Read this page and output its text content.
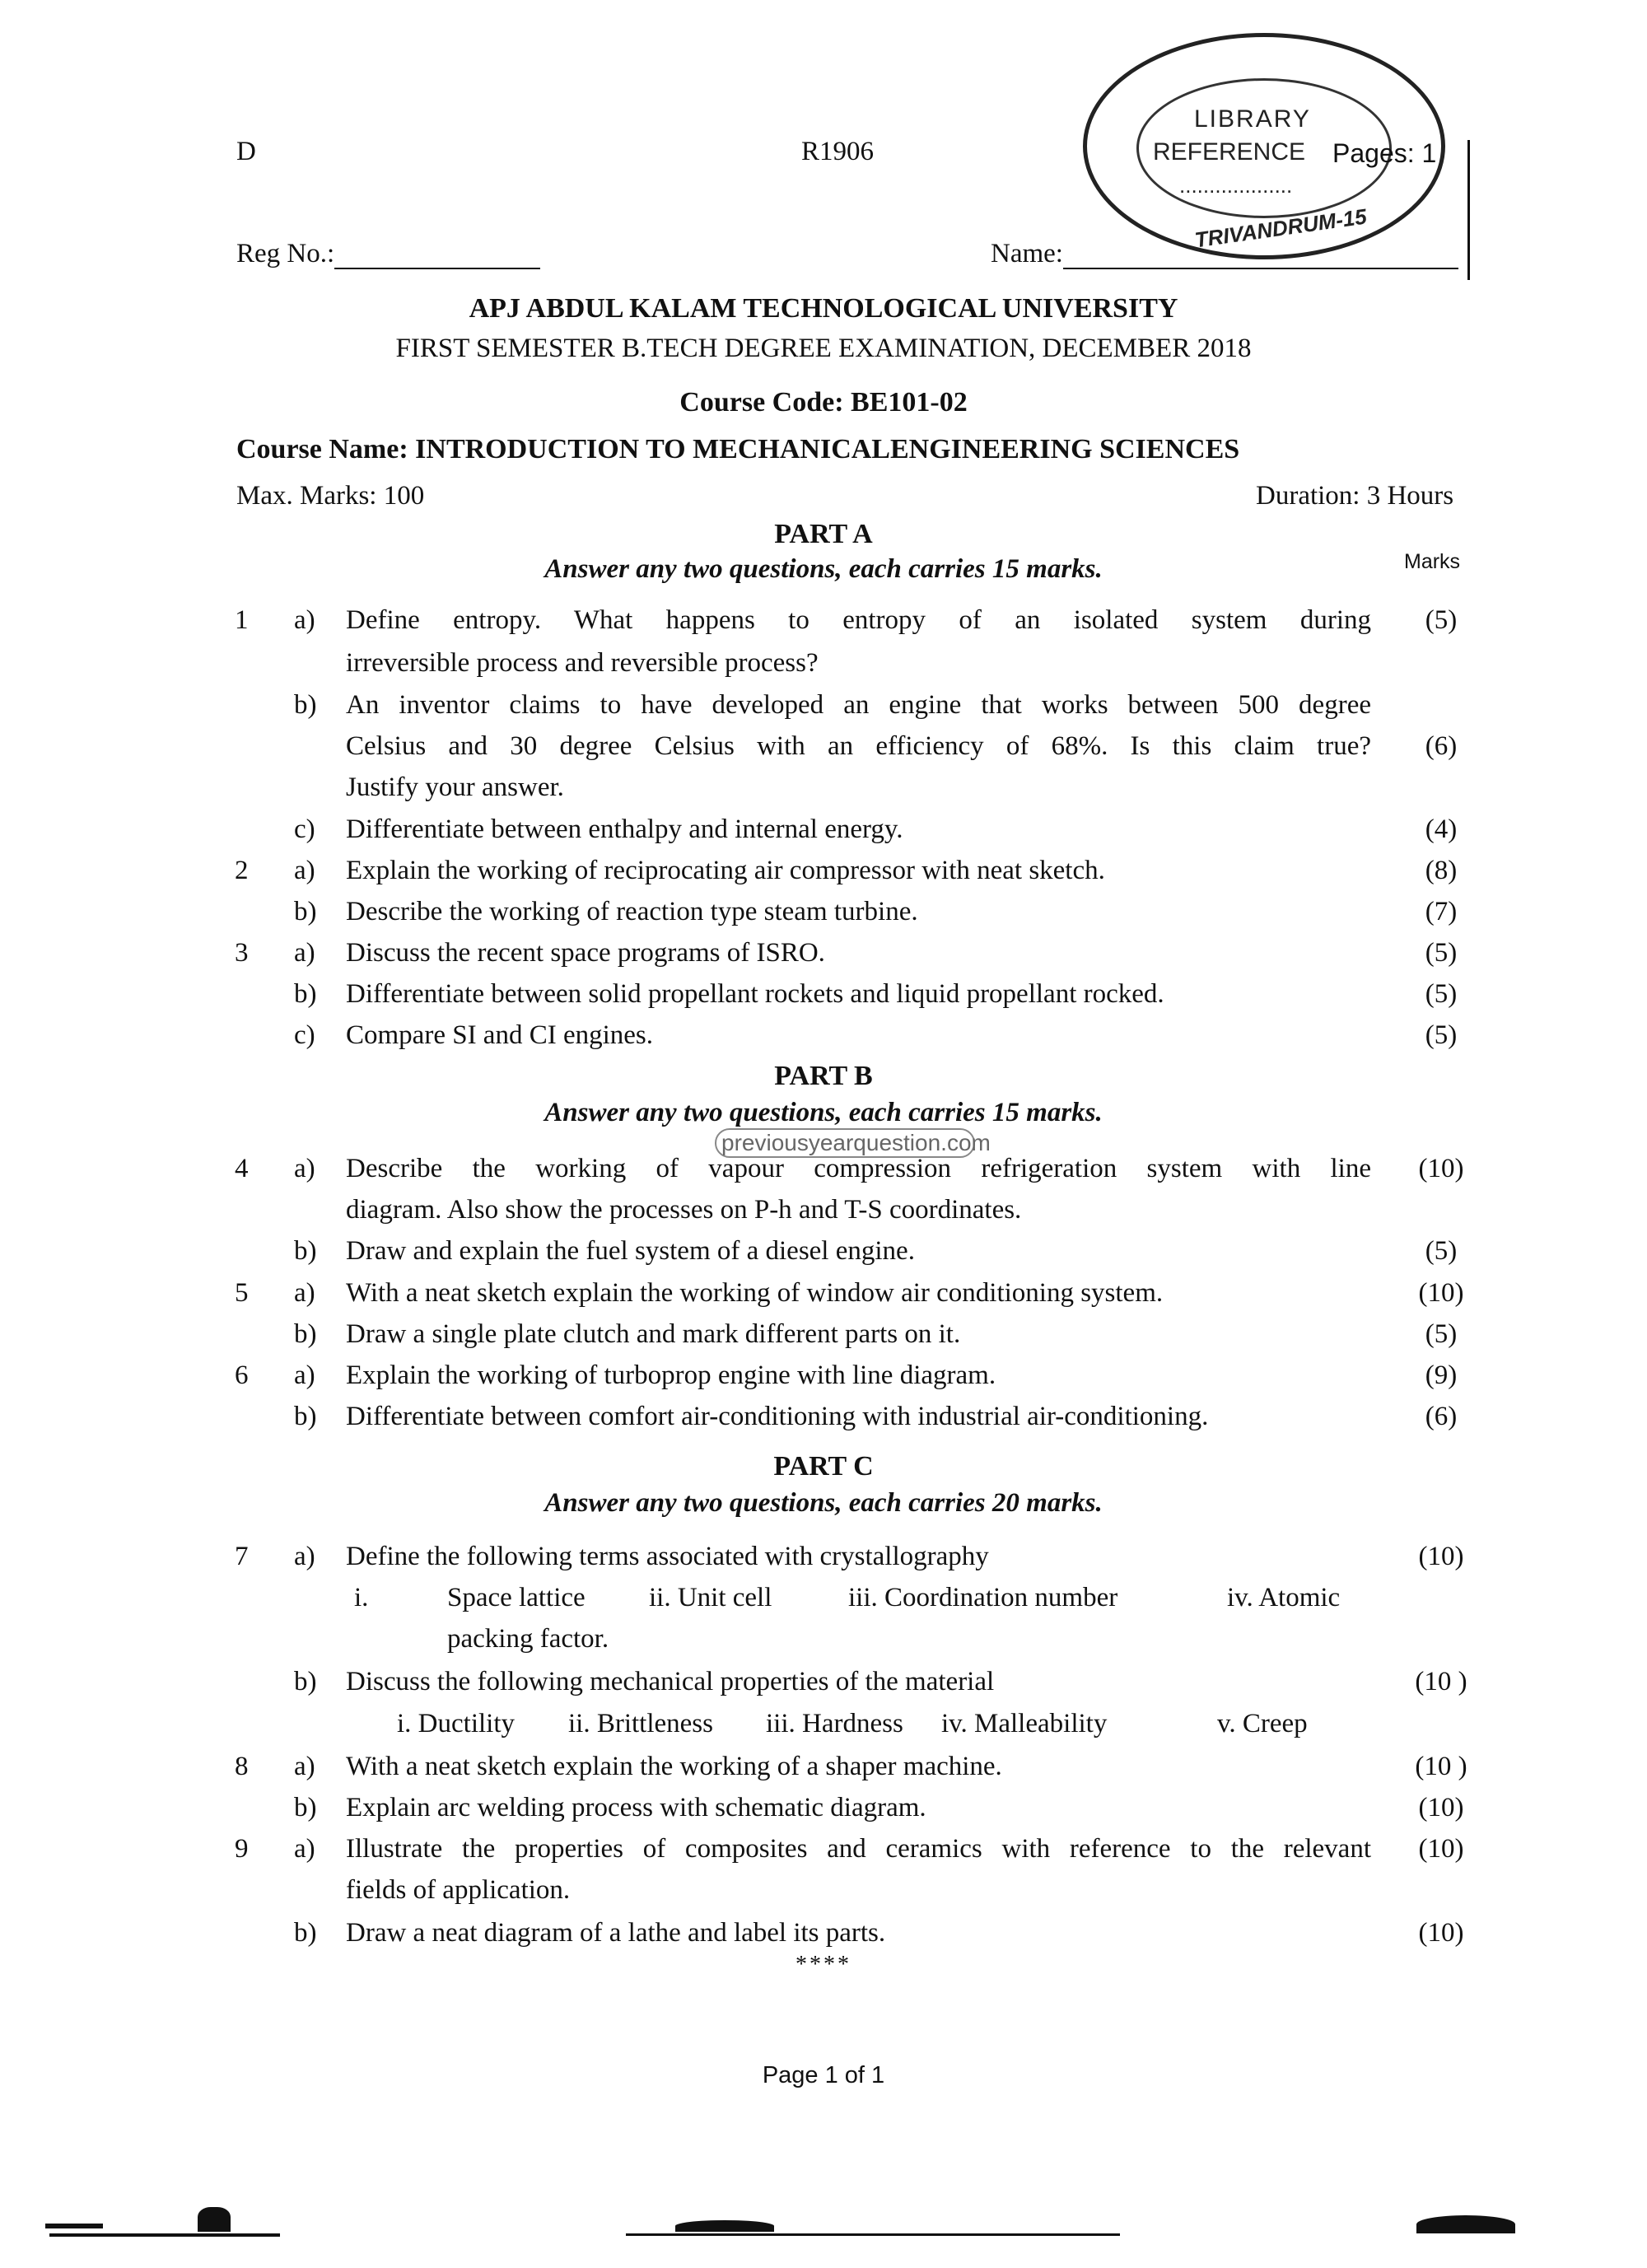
D	R1906
LIBRARY
REFERENCE
...................
TRIVANDRUM-15
Pages: 1
Reg No.:	Name:
APJ ABDUL KALAM TECHNOLOGICAL UNIVERSITY
FIRST SEMESTER B.TECH DEGREE EXAMINATION, DECEMBER 2018
Course Code: BE101-02
Course Name: INTRODUCTION TO MECHANICALENGINEERING SCIENCES
Max. Marks: 100	Duration: 3 Hours
PART A
Answer any two questions, each carries 15 marks.	Marks
1 a) Define entropy. What happens to entropy of an isolated system during
irreversible process and reversible process?
(5)
b) An inventor claims to have developed an engine that works between 500 degree
Celsius and 30 degree Celsius with an efficiency of 68%. Is this claim true?
Justify your answer.
(6)
c) Differentiate between enthalpy and internal energy.	(4)
2 a) Explain the working of reciprocating air compressor with neat sketch.	(8)
b) Describe the working of reaction type steam turbine.	(7)
3 a) Discuss the recent space programs of ISRO.	(5)
b) Differentiate between solid propellant rockets and liquid propellant rocked.	(5)
c) Compare SI and CI engines.	(5)
PART B
Answer any two questions, each carries 15 marks.
previousyearquestion.com
4 a) Describe the working of vapour compression refrigeration system with line
diagram. Also show the processes on P-h and T-S coordinates.
(10)
b) Draw and explain the fuel system of a diesel engine.	(5)
5 a) With a neat sketch explain the working of window air conditioning system.	(10)
b) Draw a single plate clutch and mark different parts on it.	(5)
6 a) Explain the working of turboprop engine with line diagram.	(9)
b) Differentiate between comfort air-conditioning with industrial air-conditioning.	(6)
PART C
Answer any two questions, each carries 20 marks.
7 a) Define the following terms associated with crystallography	(10)
i.	Space lattice ii. Unit cell	iii. Coordination number	iv. Atomic
packing factor.
b) Discuss the following mechanical properties of the material	(10 )
i. Ductility ii. Brittleness iii. Hardness iv. Malleability	v. Creep
8 a) With a neat sketch explain the working of a shaper machine.	(10 )
b) Explain arc welding process with schematic diagram.	(10)
9 a) Illustrate the properties of composites and ceramics with reference to the relevant
fields of application.
(10)
b) Draw a neat diagram of a lathe and label its parts.	(10)
****
Page 1 of 1
